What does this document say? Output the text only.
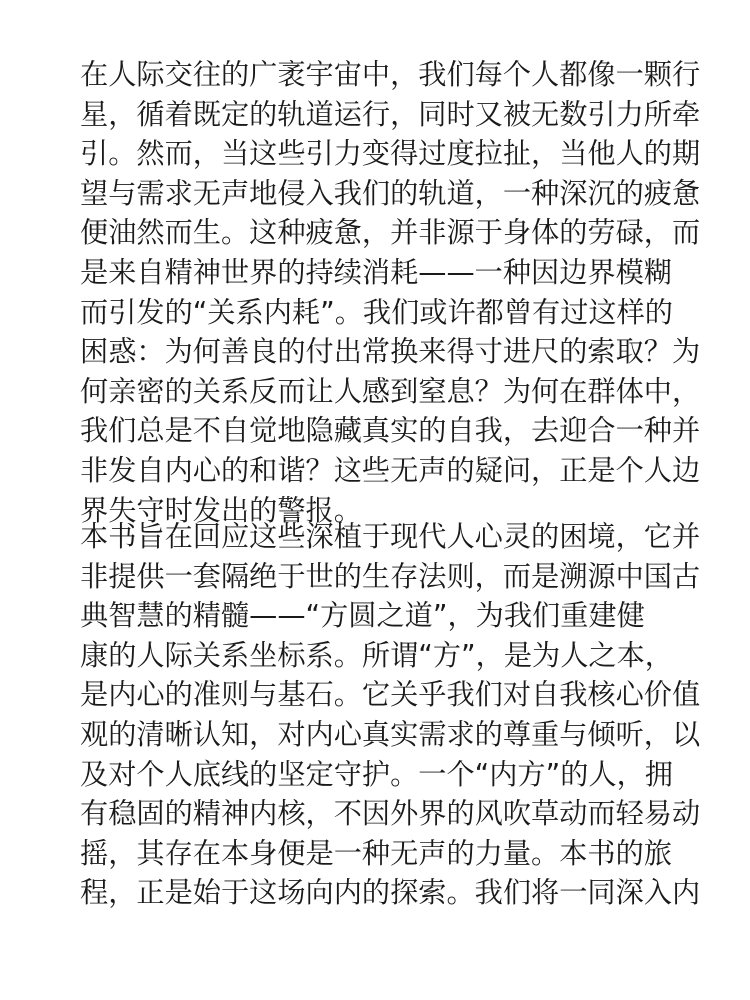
在人际交往的广袤宇宙中，我们每个人都像一颗行
星，循着既定的轨道运行，同时又被无数引力所牵
引。然而，当这些引力变得过度拉扯，当他人的期
望与需求无声地侵入我们的轨道，一种深沉的疲惫
便油然而生。这种疲惫，并非源于身体的劳碌，而
是来自精神世界的持续消耗——一种因边界模糊
而引发的“关系内耗”。我们或许都曾有过这样的
困惑：为何善良的付出常换来得寸进尺的索取？为
何亲密的关系反而让人感到窒息？为何在群体中，
我们总是不自觉地隐藏真实的自我，去迎合一种并
非发自内心的和谐？这些无声的疑问，正是个人边
界失守时发出的警报。

本书旨在回应这些深植于现代人心灵的困境，它并
非提供一套隔绝于世的生存法则，而是溯源中国古
典智慧的精髓——“方圆之道”，为我们重建健
康的人际关系坐标系。所谓“方”，是为人之本，
是内心的准则与基石。它关乎我们对自我核心价值
观的清晰认知，对内心真实需求的尊重与倾听，以
及对个人底线的坚定守护。一个“内方”的人，拥
有稳固的精神内核，不因外界的风吹草动而轻易动
摇，其存在本身便是一种无声的力量。本书的旅
程，正是始于这场向内的探索。我们将一同深入内
